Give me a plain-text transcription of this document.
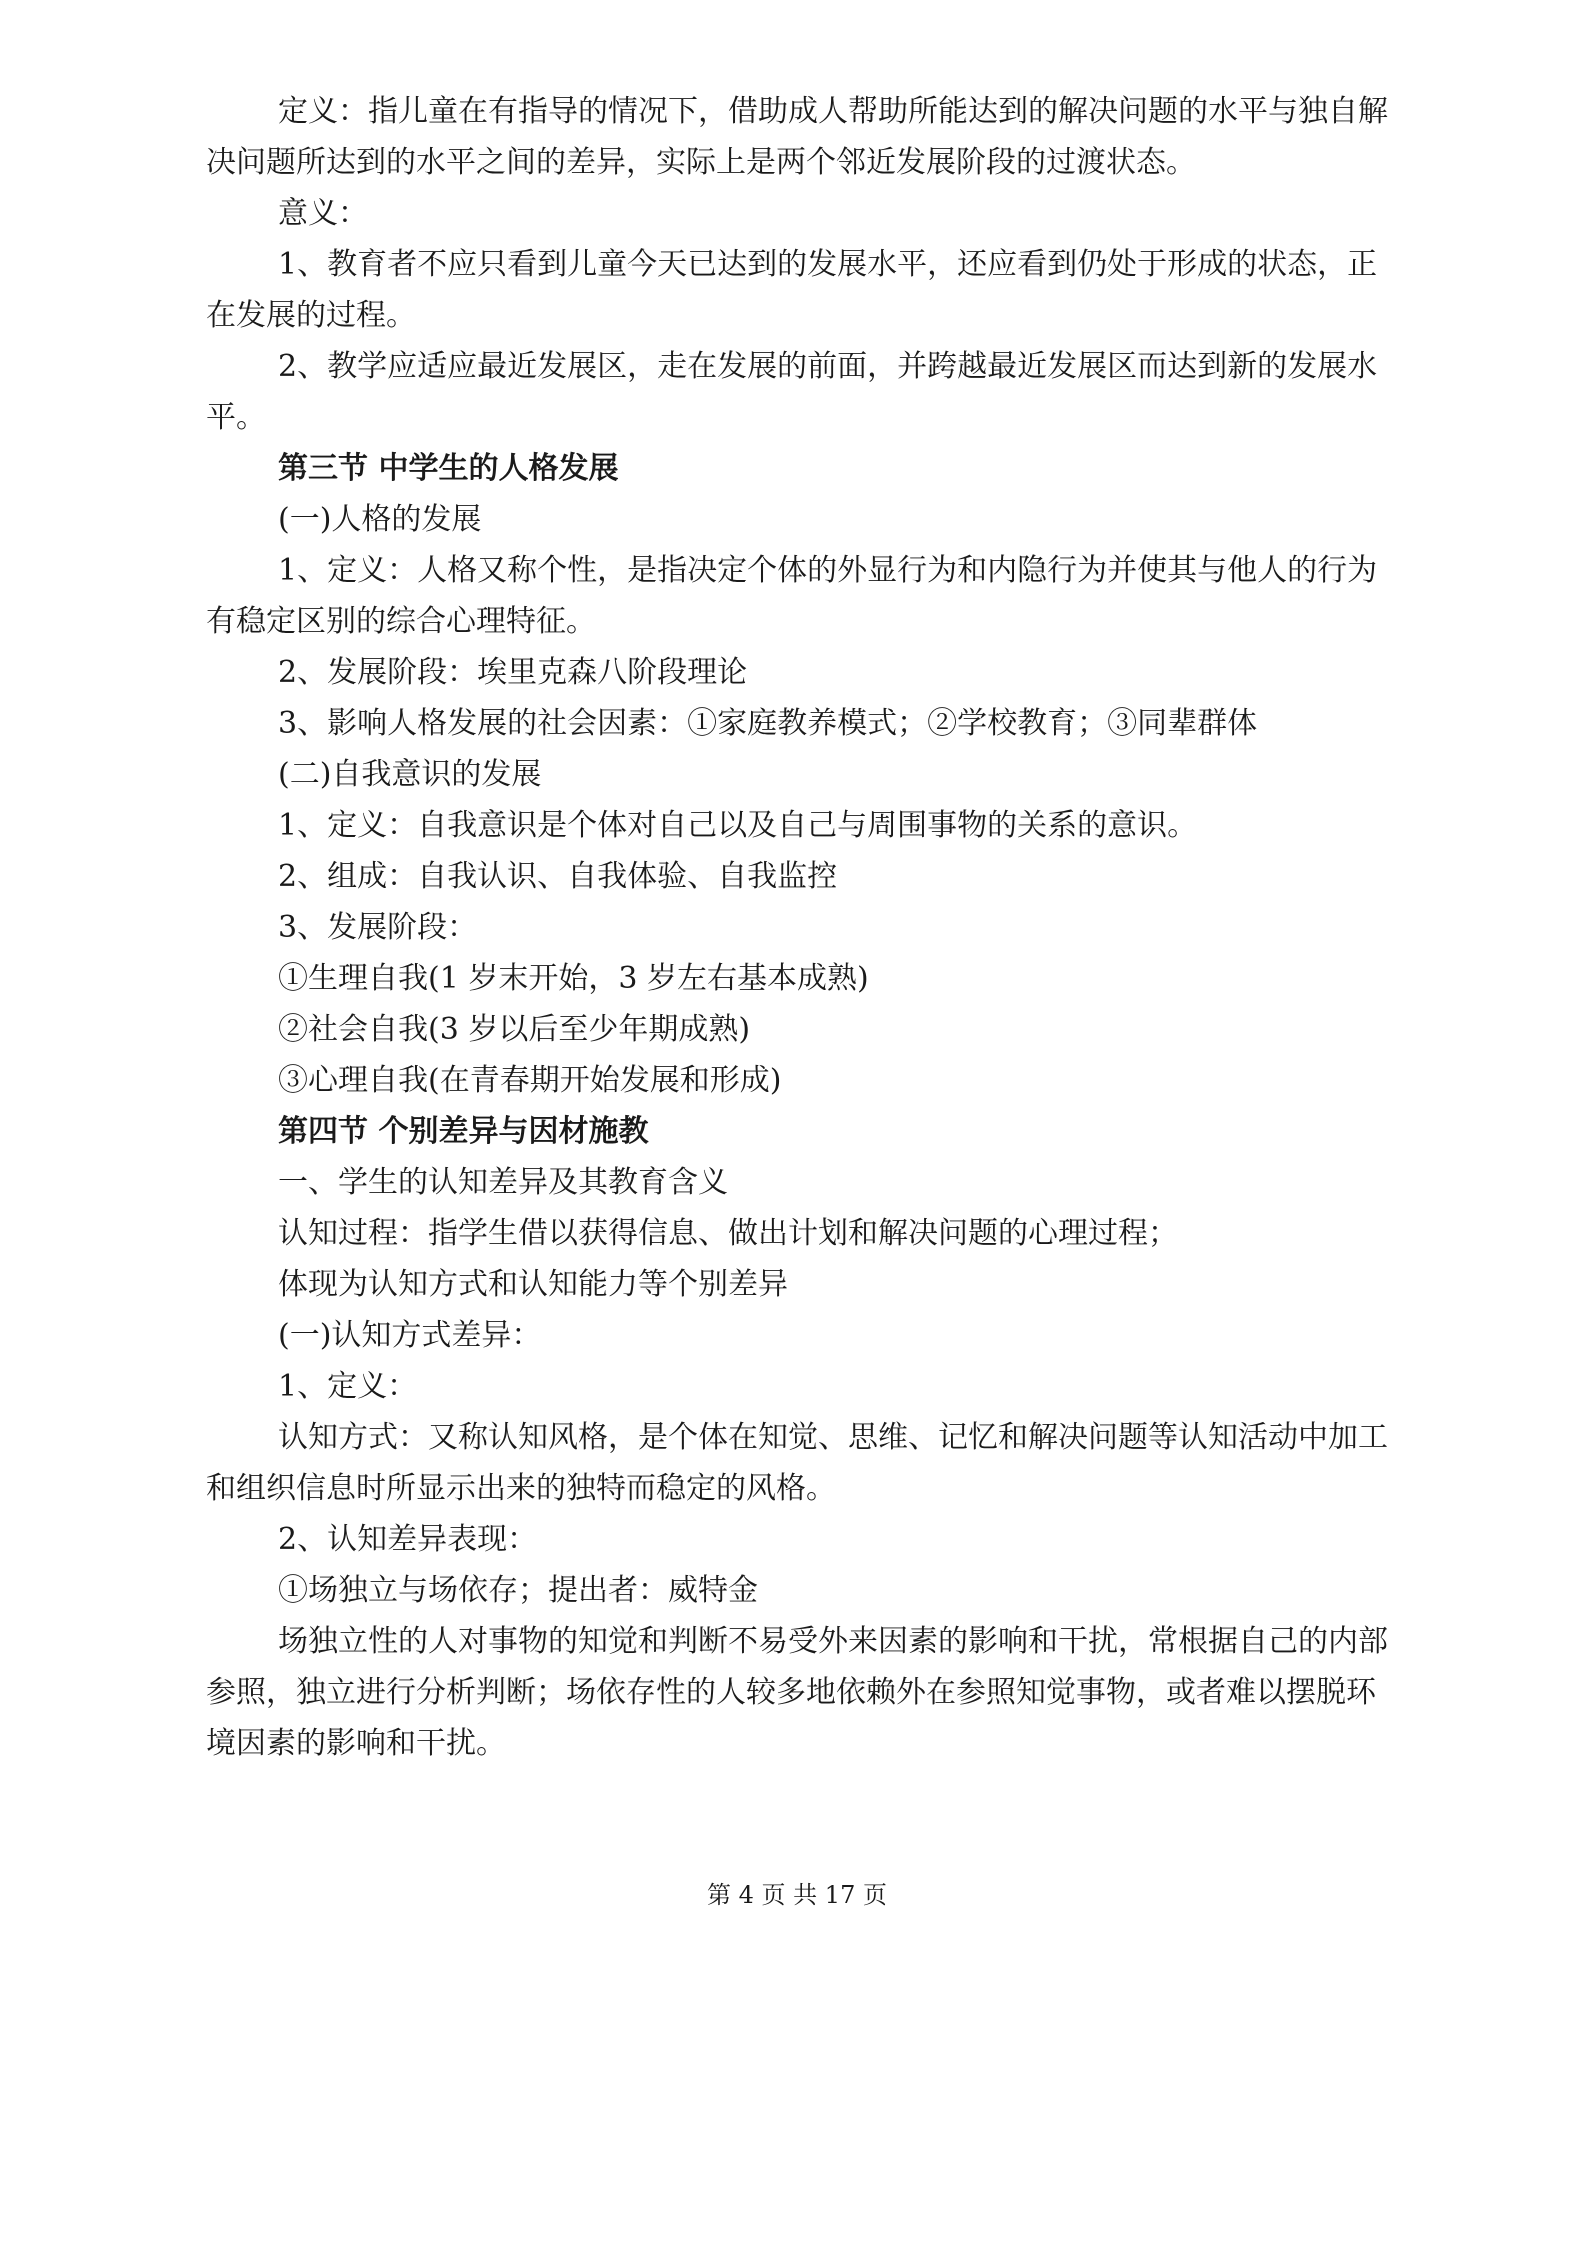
定义：指儿童在有指导的情况下，借助成人帮助所能达到的解决问题的水平与独自解
决问题所达到的水平之间的差异，实际上是两个邻近发展阶段的过渡状态。
意义：
1、教育者不应只看到儿童今天已达到的发展水平，还应看到仍处于形成的状态，正
在发展的过程。
2、教学应适应最近发展区，走在发展的前面，并跨越最近发展区而达到新的发展水
平。
第三节 中学生的人格发展
(一)人格的发展
1、定义：人格又称个性，是指决定个体的外显行为和内隐行为并使其与他人的行为
有稳定区别的综合心理特征。
2、发展阶段：埃里克森八阶段理论
3、影响人格发展的社会因素：①家庭教养模式；②学校教育；③同辈群体
(二)自我意识的发展
1、定义：自我意识是个体对自己以及自己与周围事物的关系的意识。
2、组成：自我认识、自我体验、自我监控
3、发展阶段：
①生理自我(1 岁末开始，3 岁左右基本成熟)
②社会自我(3 岁以后至少年期成熟)
③心理自我(在青春期开始发展和形成)
第四节 个别差异与因材施教
一、学生的认知差异及其教育含义
认知过程：指学生借以获得信息、做出计划和解决问题的心理过程；
体现为认知方式和认知能力等个别差异
(一)认知方式差异：
1、定义：
认知方式：又称认知风格，是个体在知觉、思维、记忆和解决问题等认知活动中加工
和组织信息时所显示出来的独特而稳定的风格。
2、认知差异表现：
①场独立与场依存；提出者：威特金
场独立性的人对事物的知觉和判断不易受外来因素的影响和干扰，常根据自己的内部
参照，独立进行分析判断；场依存性的人较多地依赖外在参照知觉事物，或者难以摆脱环
境因素的影响和干扰。
第 4 页 共 17 页
